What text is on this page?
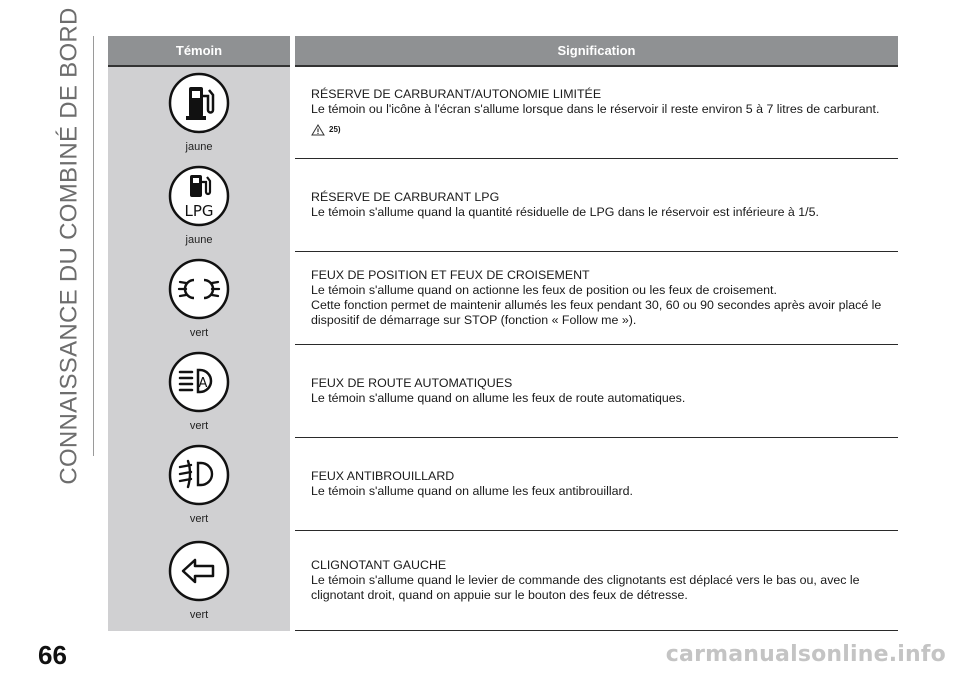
CONNAISSANCE DU COMBINÉ DE BORD	Témoin	Signification

jaune	RÉSERVE DE CARBURANT/AUTONOMIE LIMITÉE
Le témoin ou l'icône à l'écran s'allume lorsque dans le réservoir il reste environ 5 à 7 litres de carburant.
25)

LPG
jaune	RÉSERVE DE CARBURANT LPG
Le témoin s'allume quand la quantité résiduelle de LPG dans le réservoir est inférieure à 1/5.

vert	FEUX DE POSITION ET FEUX DE CROISEMENT
Le témoin s'allume quand on actionne les feux de position ou les feux de croisement.
Cette fonction permet de maintenir allumés les feux pendant 30, 60 ou 90 secondes après avoir placé le dispositif de démarrage sur STOP (fonction « Follow me »).

A
vert	FEUX DE ROUTE AUTOMATIQUES
Le témoin s'allume quand on allume les feux de route automatiques.

vert	FEUX ANTIBROUILLARD
Le témoin s'allume quand on allume les feux antibrouillard.

vert	CLIGNOTANT GAUCHE
Le témoin s'allume quand le levier de commande des clignotants est déplacé vers le bas ou, avec le clignotant droit, quand on appuie sur le bouton des feux de détresse.
66	carmanualsonline.info
